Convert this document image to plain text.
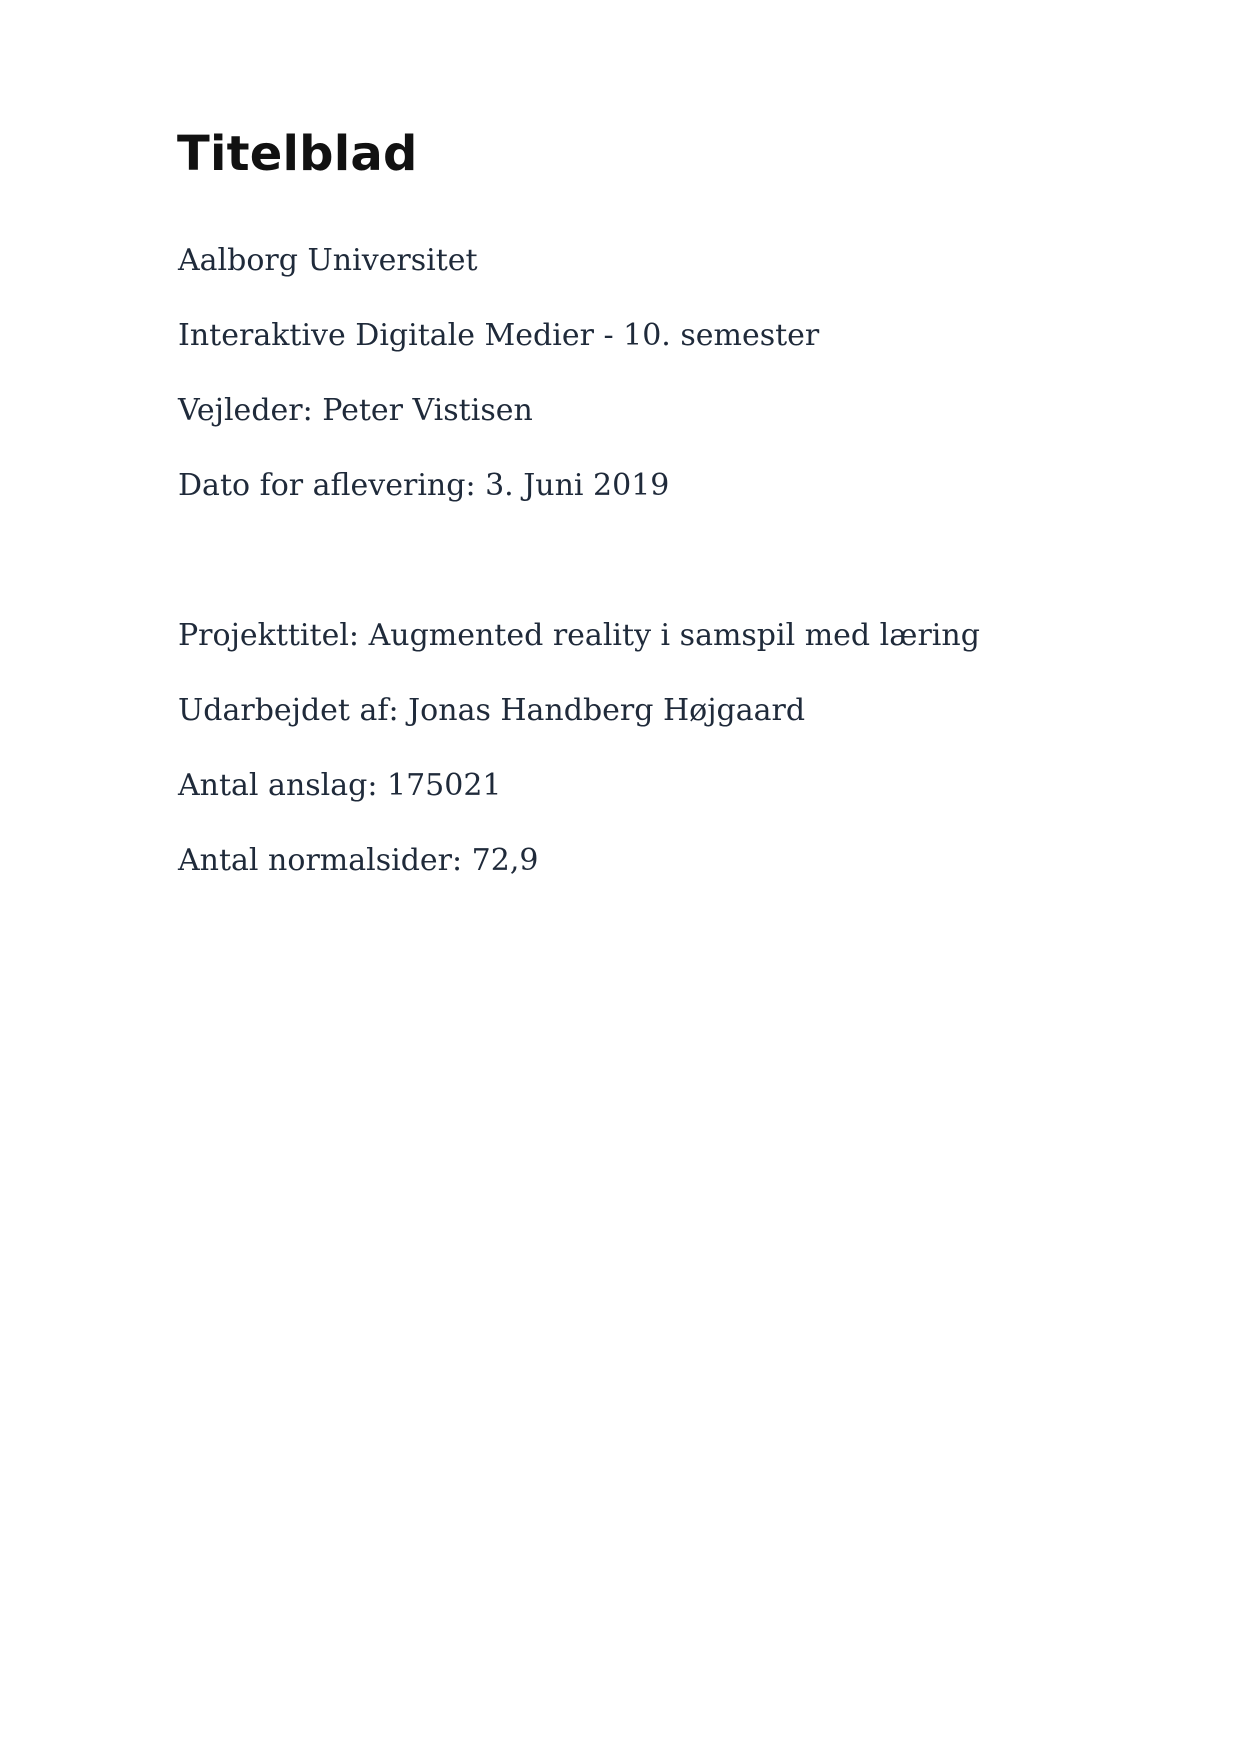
Titelblad

Aalborg Universitet

Interaktive Digitale Medier - 10. semester

Vejleder: Peter Vistisen

Dato for aflevering: 3. Juni 2019

Projekttitel: Augmented reality i samspil med læring

Udarbejdet af: Jonas Handberg Højgaard

Antal anslag: 175021

Antal normalsider: 72,9
